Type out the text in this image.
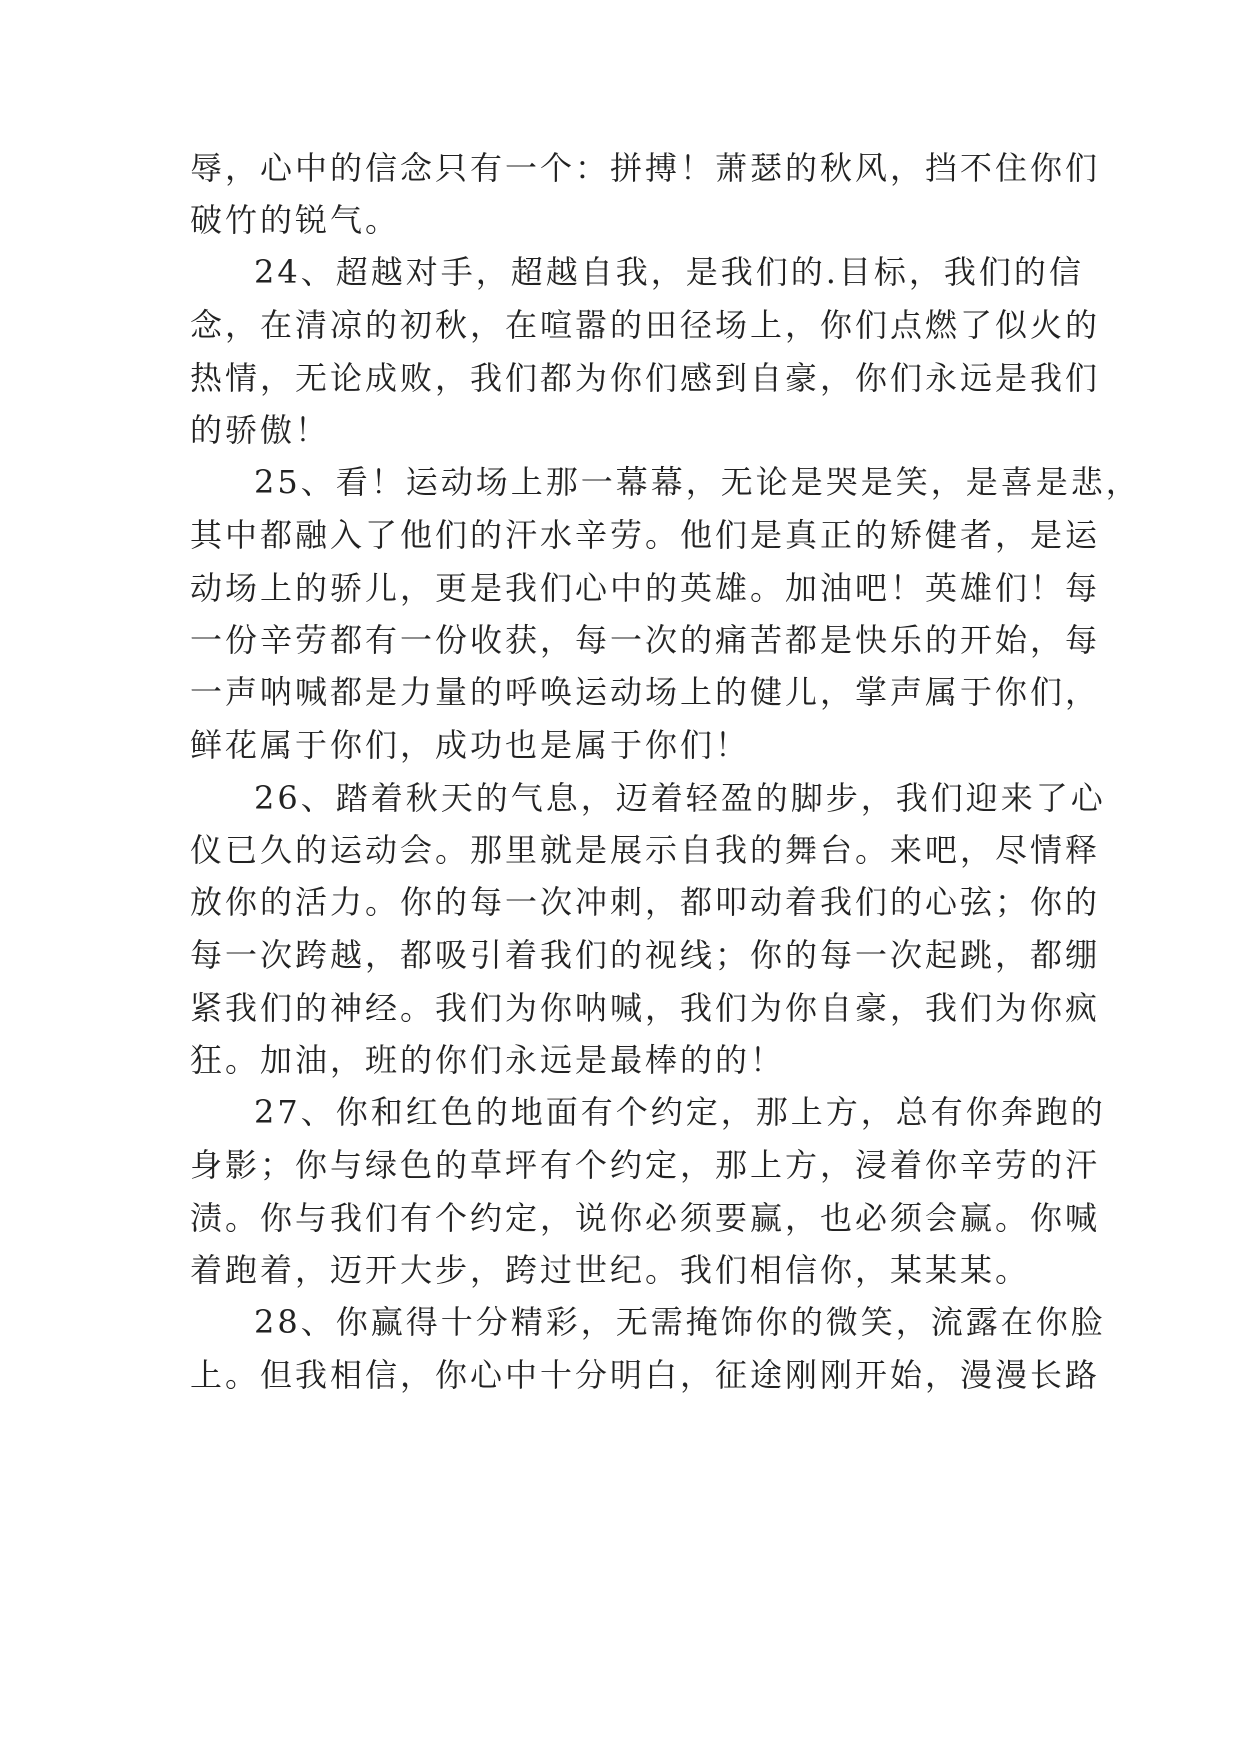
辱，心中的信念只有一个：拼搏！萧瑟的秋风，挡不住你们
破竹的锐气。
24、超越对手，超越自我，是我们的.目标，我们的信
念，在清凉的初秋，在喧嚣的田径场上，你们点燃了似火的
热情，无论成败，我们都为你们感到自豪，你们永远是我们
的骄傲！
25、看！运动场上那一幕幕，无论是哭是笑，是喜是悲，
其中都融入了他们的汗水辛劳。他们是真正的矫健者，是运
动场上的骄儿，更是我们心中的英雄。加油吧！英雄们！每
一份辛劳都有一份收获，每一次的痛苦都是快乐的开始，每
一声呐喊都是力量的呼唤运动场上的健儿，掌声属于你们，
鲜花属于你们，成功也是属于你们！
26、踏着秋天的气息，迈着轻盈的脚步，我们迎来了心
仪已久的运动会。那里就是展示自我的舞台。来吧，尽情释
放你的活力。你的每一次冲刺，都叩动着我们的心弦；你的
每一次跨越，都吸引着我们的视线；你的每一次起跳，都绷
紧我们的神经。我们为你呐喊，我们为你自豪，我们为你疯
狂。加油，班的你们永远是最棒的的！
27、你和红色的地面有个约定，那上方，总有你奔跑的
身影；你与绿色的草坪有个约定，那上方，浸着你辛劳的汗
渍。你与我们有个约定，说你必须要赢，也必须会赢。你喊
着跑着，迈开大步，跨过世纪。我们相信你，某某某。
28、你赢得十分精彩，无需掩饰你的微笑，流露在你脸
上。但我相信，你心中十分明白，征途刚刚开始，漫漫长路
